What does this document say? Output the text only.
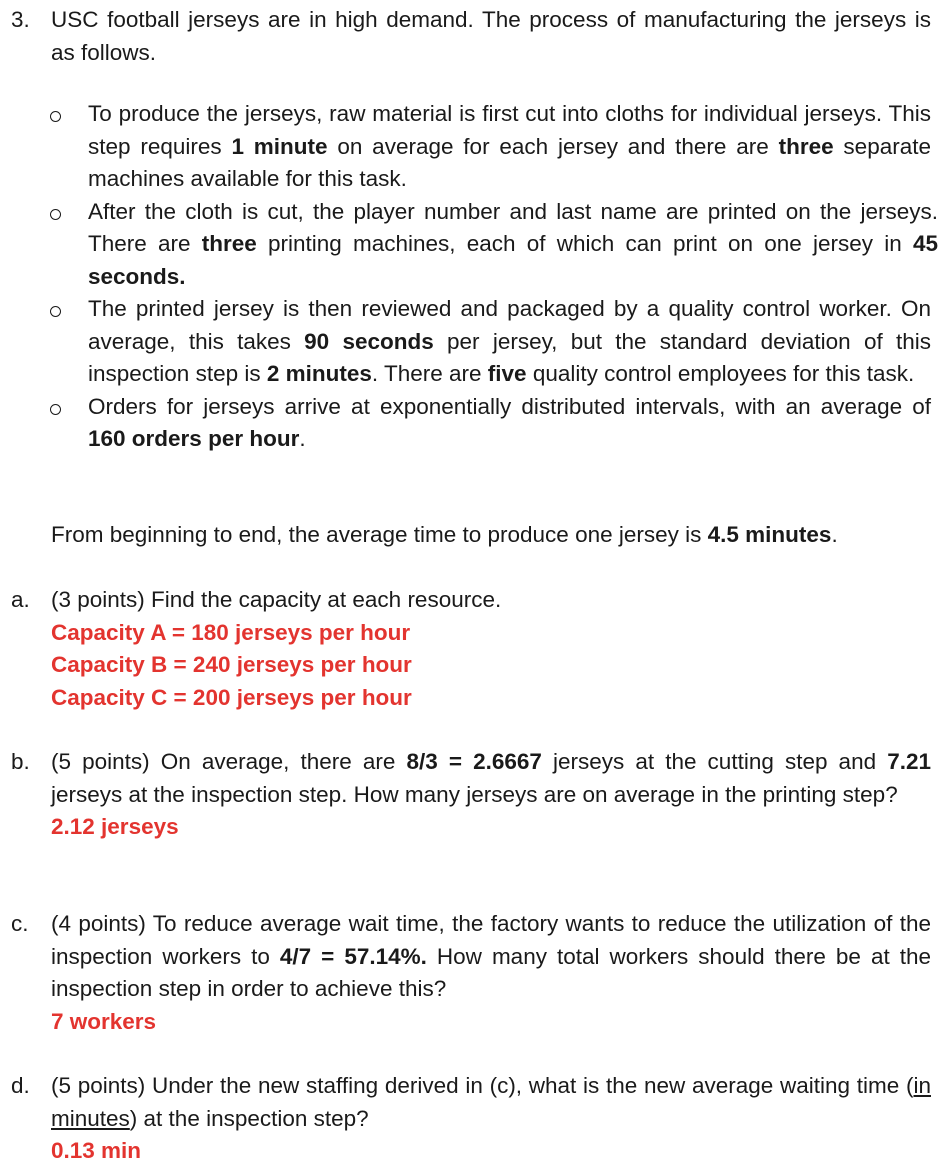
3. USC football jerseys are in high demand. The process of manufacturing the jerseys is as follows.
To produce the jerseys, raw material is first cut into cloths for individual jerseys. This step requires 1 minute on average for each jersey and there are three separate machines available for this task.
After the cloth is cut, the player number and last name are printed on the jerseys. There are three printing machines, each of which can print on one jersey in 45 seconds.
The printed jersey is then reviewed and packaged by a quality control worker. On average, this takes 90 seconds per jersey, but the standard deviation of this inspection step is 2 minutes. There are five quality control employees for this task.
Orders for jerseys arrive at exponentially distributed intervals, with an average of 160 orders per hour.
From beginning to end, the average time to produce one jersey is 4.5 minutes.
a. (3 points) Find the capacity at each resource.
Capacity A = 180 jerseys per hour
Capacity B = 240 jerseys per hour
Capacity C = 200 jerseys per hour
b. (5 points) On average, there are 8/3 = 2.6667 jerseys at the cutting step and 7.21 jerseys at the inspection step. How many jerseys are on average in the printing step?
2.12 jerseys
c. (4 points) To reduce average wait time, the factory wants to reduce the utilization of the inspection workers to 4/7 = 57.14%. How many total workers should there be at the inspection step in order to achieve this?
7 workers
d. (5 points) Under the new staffing derived in (c), what is the new average waiting time (in minutes) at the inspection step?
0.13 min
